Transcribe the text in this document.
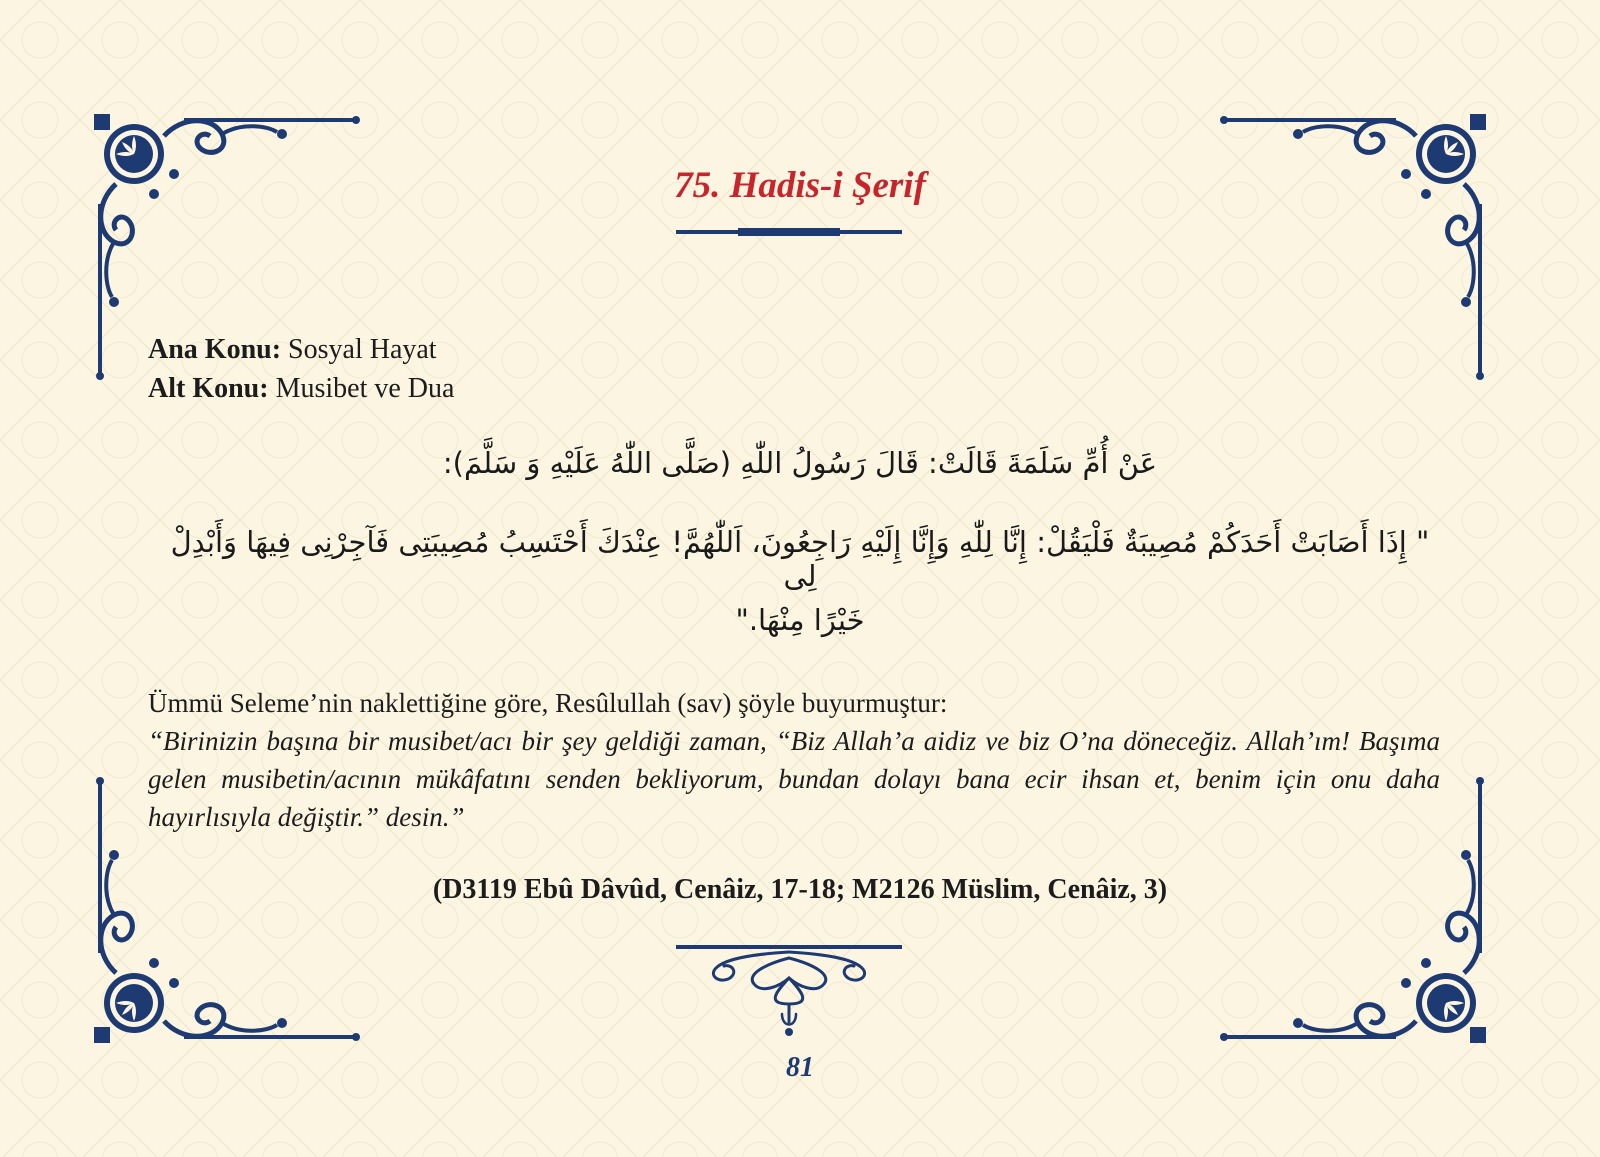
75. Hadis-i Şerif
Ana Konu: Sosyal Hayat
Alt Konu: Musibet ve Dua
عَنْ أُمِّ سَلَمَةَ قَالَتْ: قَالَ رَسُولُ اللّٰهِ (صَلَّى اللّٰهُ عَلَيْهِ وَ سَلَّمَ):
" إِذَا أَصَابَتْ أَحَدَكُمْ مُصِيبَةٌ فَلْيَقُلْ: إِنَّا لِلّٰهِ وَإِنَّا إِلَيْهِ رَاجِعُونَ، اَللّٰهُمَّ! عِنْدَكَ أَحْتَسِبُ مُصِيبَتِى فَآجِرْنِى فِيهَا وَأَبْدِلْ لِى
خَيْرًا مِنْهَا."
Ümmü Seleme’nin naklettiğine göre, Resûlullah (sav) şöyle buyurmuştur:
“Birinizin başına bir musibet/acı bir şey geldiği zaman, “Biz Allah’a aidiz ve biz O’na döneceğiz. Allah’ım! Başıma gelen musibetin/acının mükâfatını senden bekliyorum, bundan dolayı bana ecir ihsan et, benim için onu daha hayırlısıyla değiştir.” desin.”
(D3119 Ebû Dâvûd, Cenâiz, 17-18; M2126 Müslim, Cenâiz, 3)
81
